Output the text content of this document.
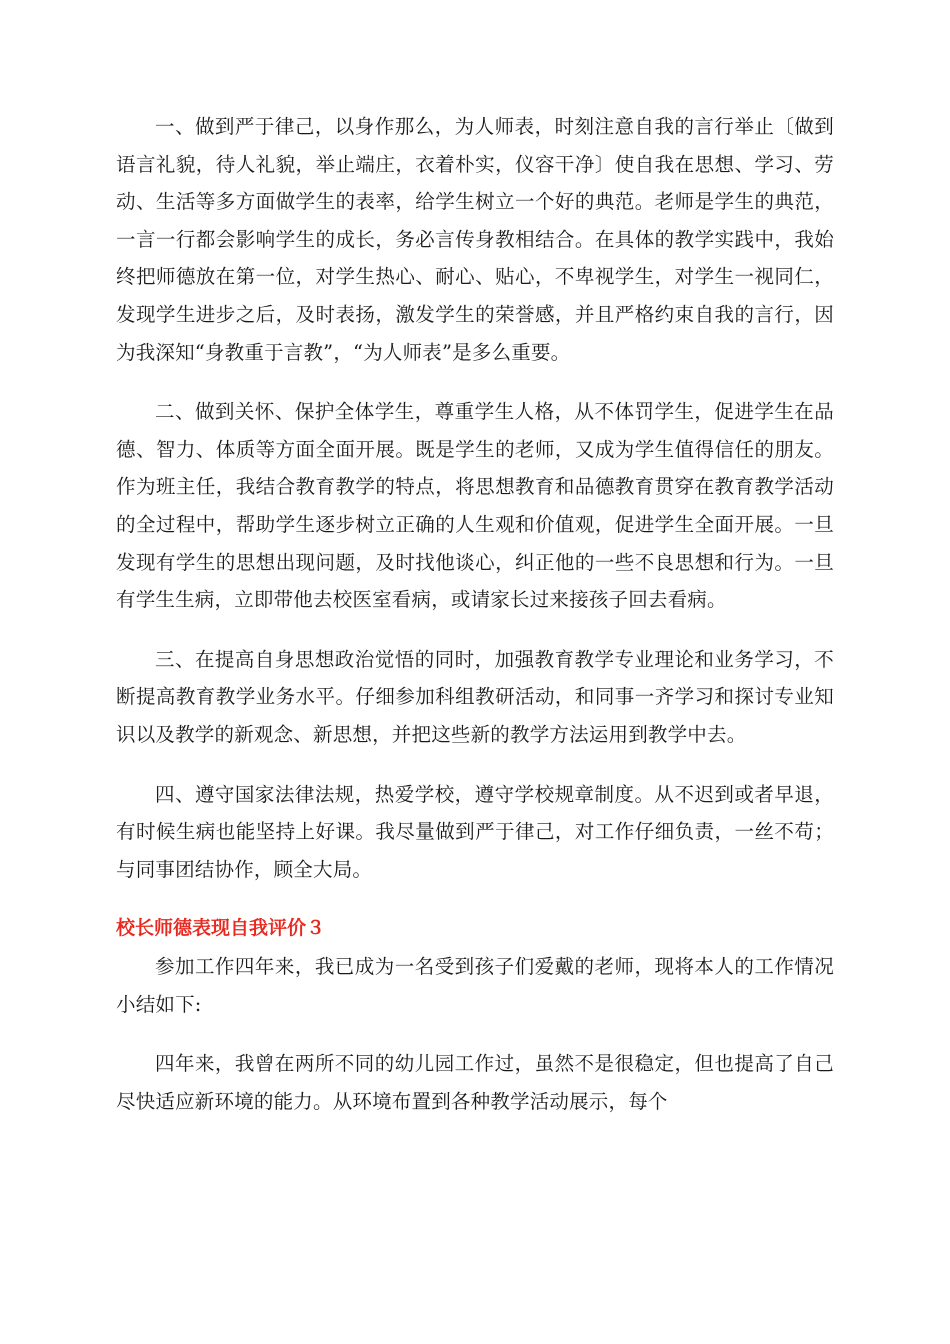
一、做到严于律己，以身作那么，为人师表，时刻注意自我的言行举止〔做到语言礼貌，待人礼貌，举止端庄，衣着朴实，仪容干净〕使自我在思想、学习、劳动、生活等多方面做学生的表率，给学生树立一个好的典范。老师是学生的典范，一言一行都会影响学生的成长，务必言传身教相结合。在具体的教学实践中，我始终把师德放在第一位，对学生热心、耐心、贴心，不卑视学生，对学生一视同仁，发现学生进步之后，及时表扬，激发学生的荣誉感，并且严格约束自我的言行，因为我深知“身教重于言教”，“为人师表”是多么重要。

二、做到关怀、保护全体学生，尊重学生人格，从不体罚学生，促进学生在品德、智力、体质等方面全面开展。既是学生的老师，又成为学生值得信任的朋友。作为班主任，我结合教育教学的特点，将思想教育和品德教育贯穿在教育教学活动的全过程中，帮助学生逐步树立正确的人生观和价值观，促进学生全面开展。一旦发现有学生的思想出现问题，及时找他谈心，纠正他的一些不良思想和行为。一旦有学生生病，立即带他去校医室看病，或请家长过来接孩子回去看病。

三、在提高自身思想政治觉悟的同时，加强教育教学专业理论和业务学习，不断提高教育教学业务水平。仔细参加科组教研活动，和同事一齐学习和探讨专业知识以及教学的新观念、新思想，并把这些新的教学方法运用到教学中去。

四、遵守国家法律法规，热爱学校，遵守学校规章制度。从不迟到或者早退，有时候生病也能坚持上好课。我尽量做到严于律己，对工作仔细负责，一丝不苟；与同事团结协作，顾全大局。

校长师德表现自我评价３

参加工作四年来，我已成为一名受到孩子们爱戴的老师，现将本人的工作情况小结如下:

四年来，我曾在两所不同的幼儿园工作过，虽然不是很稳定，但也提高了自己尽快适应新环境的能力。从环境布置到各种教学活动展示，每个
